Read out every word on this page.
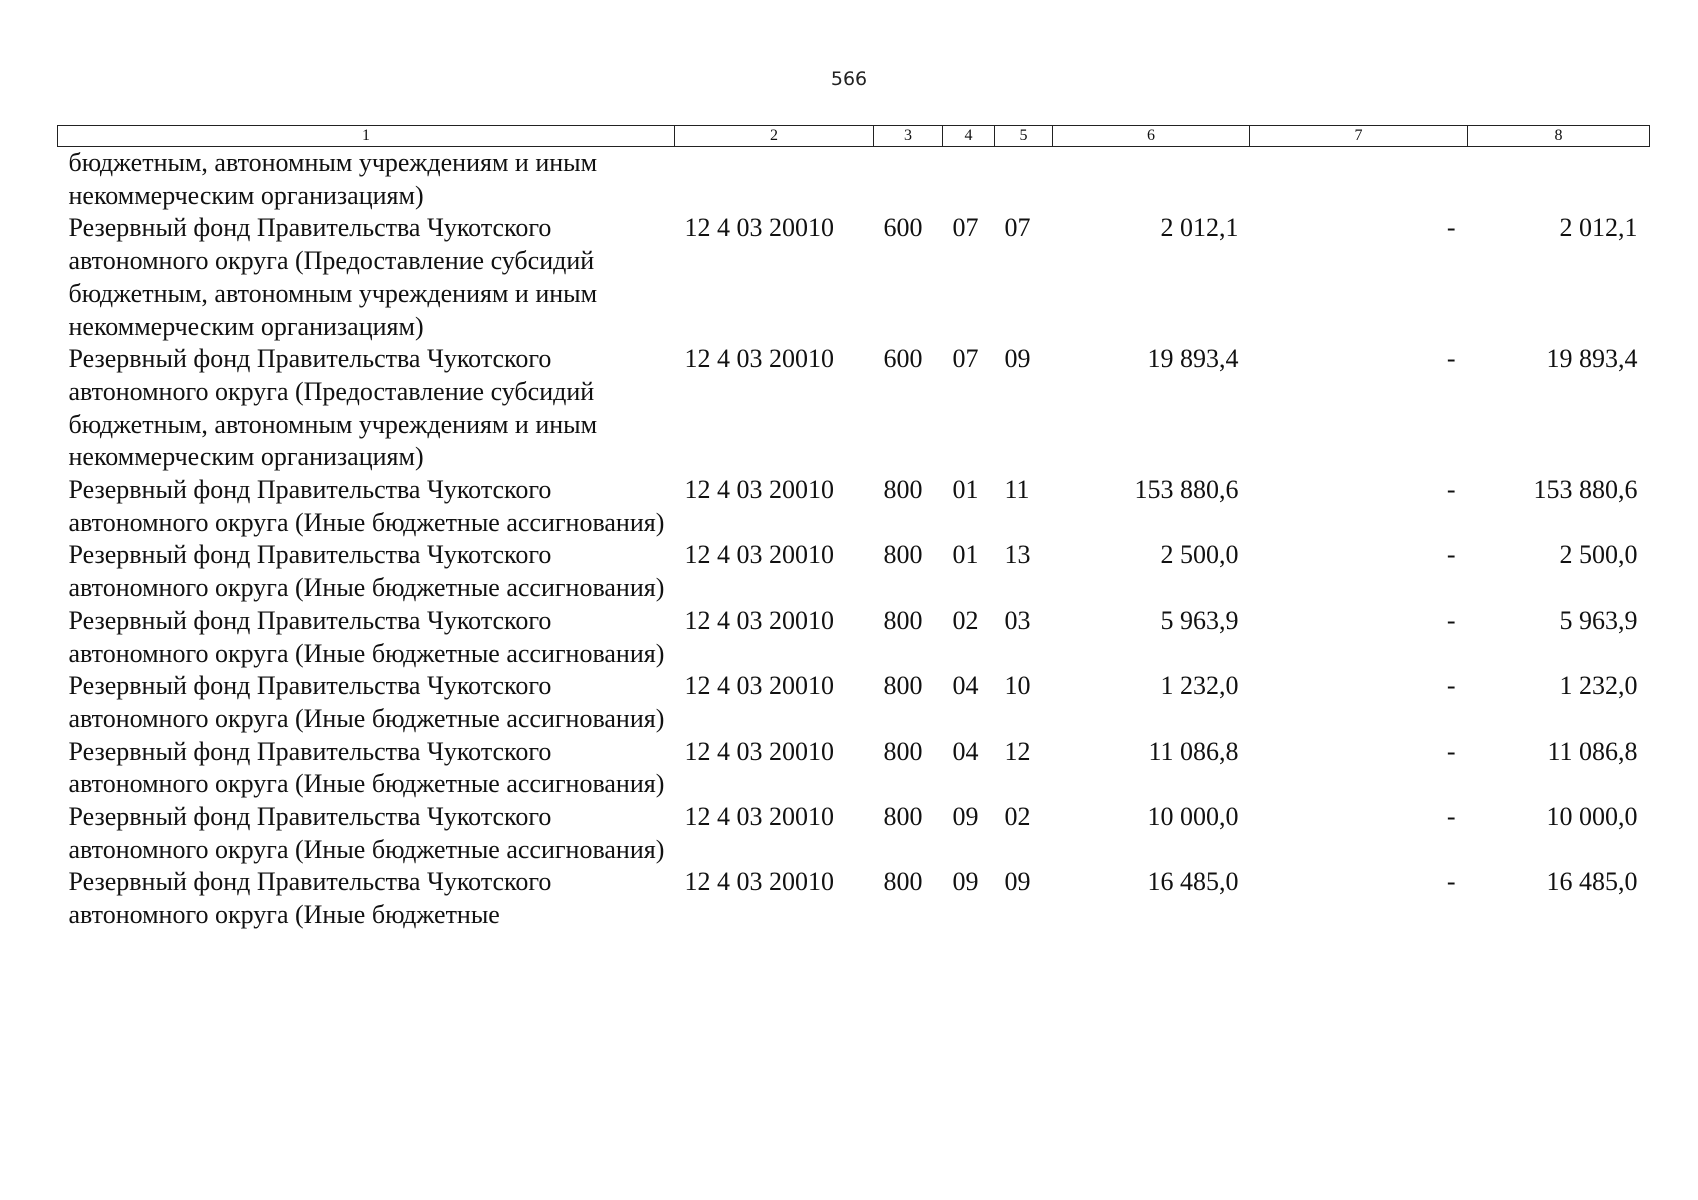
566
1	2	3	4	5	6	7	8
бюджетным, автономным учреждениям и иным некоммерческим организациям)							
Резервный фонд Правительства Чукотского автономного округа (Предоставление субсидий бюджетным, автономным учреждениям и иным некоммерческим организациям)	12 4 03 20010	600	07	07	2 012,1	-	2 012,1
Резервный фонд Правительства Чукотского автономного округа (Предоставление субсидий бюджетным, автономным учреждениям и иным некоммерческим организациям)	12 4 03 20010	600	07	09	19 893,4	-	19 893,4
Резервный фонд Правительства Чукотского автономного округа (Иные бюджетные ассигнования)	12 4 03 20010	800	01	11	153 880,6	-	153 880,6
Резервный фонд Правительства Чукотского автономного округа (Иные бюджетные ассигнования)	12 4 03 20010	800	01	13	2 500,0	-	2 500,0
Резервный фонд Правительства Чукотского автономного округа (Иные бюджетные ассигнования)	12 4 03 20010	800	02	03	5 963,9	-	5 963,9
Резервный фонд Правительства Чукотского автономного округа (Иные бюджетные ассигнования)	12 4 03 20010	800	04	10	1 232,0	-	1 232,0
Резервный фонд Правительства Чукотского автономного округа (Иные бюджетные ассигнования)	12 4 03 20010	800	04	12	11 086,8	-	11 086,8
Резервный фонд Правительства Чукотского автономного округа (Иные бюджетные ассигнования)	12 4 03 20010	800	09	02	10 000,0	-	10 000,0
Резервный фонд Правительства Чукотского автономного округа (Иные бюджетные	12 4 03 20010	800	09	09	16 485,0	-	16 485,0
